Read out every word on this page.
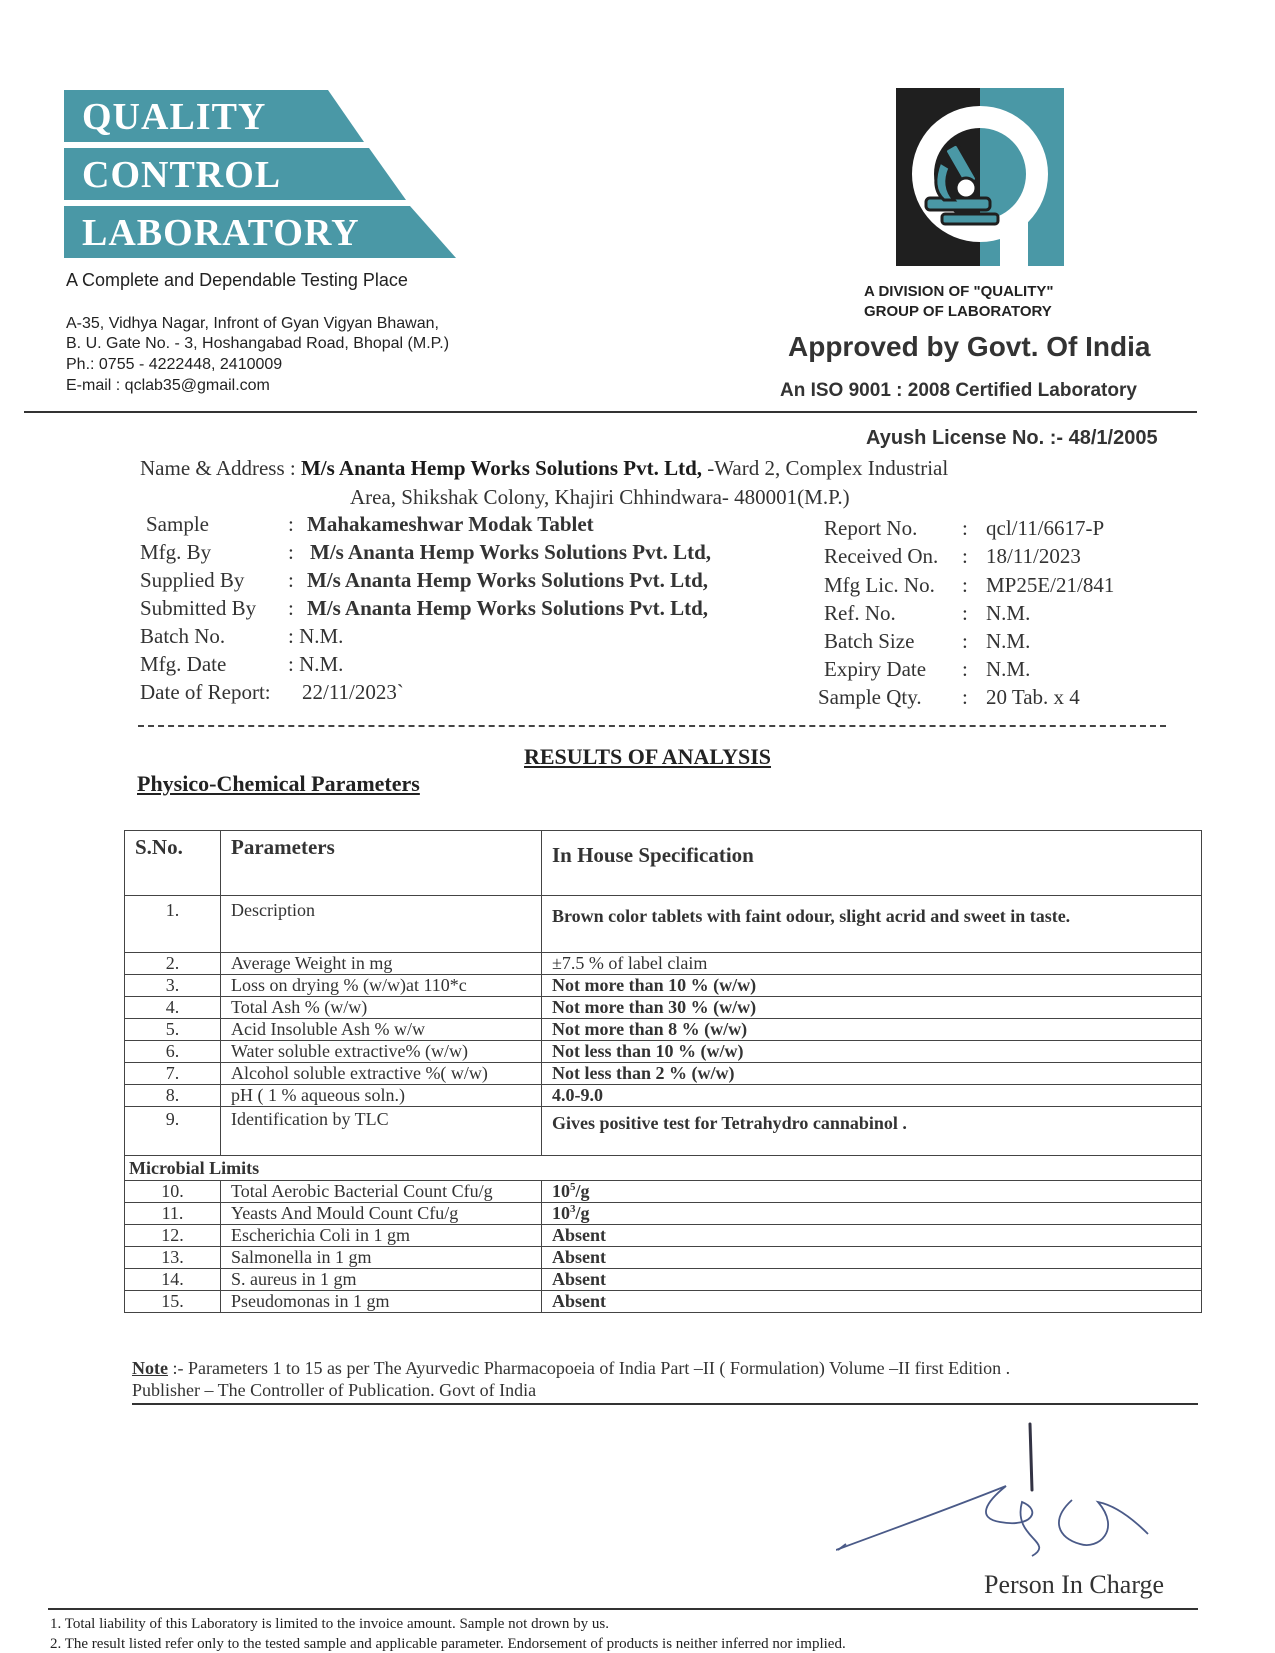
QUALITY
CONTROL
LABORATORY
A Complete and Dependable Testing Place
A-35, Vidhya Nagar, Infront of Gyan Vigyan Bhawan,
B. U. Gate No. - 3, Hoshangabad Road, Bhopal (M.P.)
Ph.: 0755 - 4222448, 2410009
E-mail : qclab35@gmail.com
A DIVISION OF "QUALITY"
GROUP OF LABORATORY
Approved by Govt. Of India
An ISO 9001 : 2008 Certified Laboratory
Ayush License No. :- 48/1/2005
Name & Address : M/s Ananta Hemp Works Solutions Pvt. Ltd, -Ward 2, Complex Industrial
Area, Shikshak Colony, Khajiri Chhindwara- 480001(M.P.)
Sample	: Mahakameshwar Modak Tablet
Mfg. By	: M/s Ananta Hemp Works Solutions Pvt. Ltd,
Supplied By : M/s Ananta Hemp Works Solutions Pvt. Ltd,
Submitted By : M/s Ananta Hemp Works Solutions Pvt. Ltd,
Batch No.	: N.M.
Mfg. Date	: N.M.
Date of Report: 22/11/2023`
Report No. : qcl/11/6617-P
Received On. : 18/11/2023
Mfg Lic. No. : MP25E/21/841
Ref. No.	: N.M.
Batch Size : N.M.
Expiry Date : N.M.
Sample Qty. : 20 Tab. x 4
RESULTS OF ANALYSIS
Physico-Chemical Parameters
S.No.	Parameters	In House Specification
1.	Description	Brown color tablets with faint odour, slight acrid and sweet in taste.
2.	Average Weight in mg	±7.5 % of label claim
3.	Loss on drying % (w/w)at 110*c	Not more than 10 % (w/w)
4.	Total Ash % (w/w)	Not more than 30 % (w/w)
5.	Acid Insoluble Ash % w/w	Not more than 8 % (w/w)
6.	Water soluble extractive% (w/w)	Not less than 10 % (w/w)
7.	Alcohol soluble extractive %( w/w)	Not less than 2 % (w/w)
8.	pH ( 1 % aqueous soln.)	4.0-9.0
9.	Identification by TLC	Gives positive test for Tetrahydro cannabinol .
Microbial Limits		
10.	Total Aerobic Bacterial Count Cfu/g	$10^5/g$
11.	Yeasts And Mould Count Cfu/g	$10^3/g$
12.	Escherichia Coli in 1 gm	Absent
13.	Salmonella in 1 gm	Absent
14.	S. aureus in 1 gm	Absent
15.	Pseudomonas in 1 gm	Absent
Note :- Parameters 1 to 15 as per The Ayurvedic Pharmacopoeia of India Part –II ( Formulation) Volume –II first Edition .
Publisher – The Controller of Publication. Govt of India
Person In Charge
1. Total liability of this Laboratory is limited to the invoice amount. Sample not drown by us.
2. The result listed refer only to the tested sample and applicable parameter. Endorsement of products is neither inferred nor implied.
